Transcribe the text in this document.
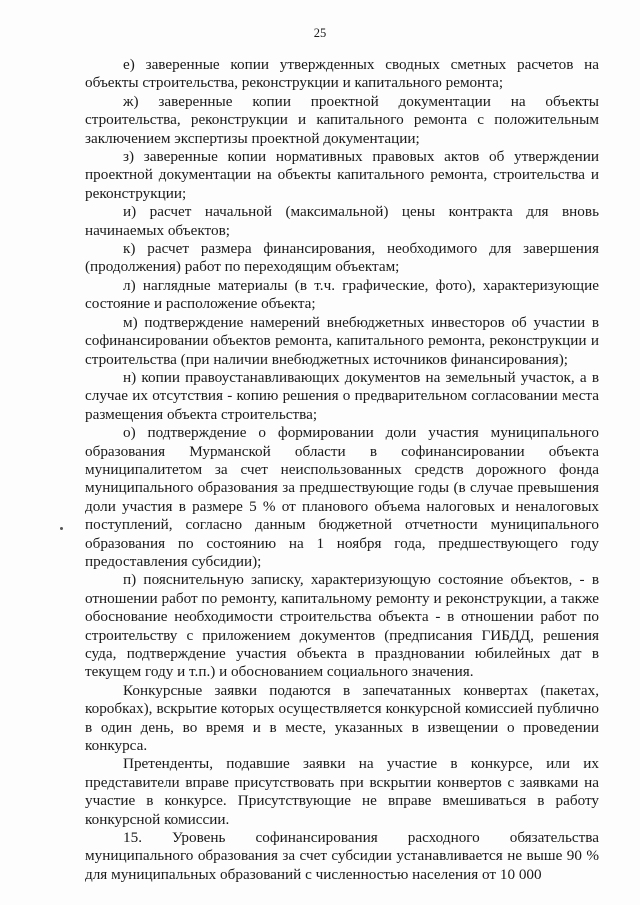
25

е) заверенные копии утвержденных сводных сметных расчетов на объекты строительства, реконструкции и капитального ремонта;

ж) заверенные копии проектной документации на объекты строительства, реконструкции и капитального ремонта с положительным заключением экспертизы проектной документации;

з) заверенные копии нормативных правовых актов об утверждении проектной документации на объекты капитального ремонта, строительства и реконструкции;

и) расчет начальной (максимальной) цены контракта для вновь начинаемых объектов;

к) расчет размера финансирования, необходимого для завершения (продолжения) работ по переходящим объектам;

л) наглядные материалы (в т.ч. графические, фото), характеризующие состояние и расположение объекта;

м) подтверждение намерений внебюджетных инвесторов об участии в софинансировании объектов ремонта, капитального ремонта, реконструкции и строительства (при наличии внебюджетных источников финансирования);

н) копии правоустанавливающих документов на земельный участок, а в случае их отсутствия - копию решения о предварительном согласовании места размещения объекта строительства;

о) подтверждение о формировании доли участия муниципального образования Мурманской области в софинансировании объекта муниципалитетом за счет неиспользованных средств дорожного фонда муниципального образования за предшествующие годы (в случае превышения доли участия в размере 5 % от планового объема налоговых и неналоговых поступлений, согласно данным бюджетной отчетности муниципального образования по состоянию на 1 ноября года, предшествующего году предоставления субсидии);

п) пояснительную записку, характеризующую состояние объектов, - в отношении работ по ремонту, капитальному ремонту и реконструкции, а также обоснование необходимости строительства объекта - в отношении работ по строительству с приложением документов (предписания ГИБДД, решения суда, подтверждение участия объекта в праздновании юбилейных дат в текущем году и т.п.) и обоснованием социального значения.

Конкурсные заявки подаются в запечатанных конвертах (пакетах, коробках), вскрытие которых осуществляется конкурсной комиссией публично в один день, во время и в месте, указанных в извещении о проведении конкурса.

Претенденты, подавшие заявки на участие в конкурсе, или их представители вправе присутствовать при вскрытии конвертов с заявками на участие в конкурсе. Присутствующие не вправе вмешиваться в работу конкурсной комиссии.

15. Уровень софинансирования расходного обязательства муниципального образования за счет субсидии устанавливается не выше 90 % для муниципальных образований с численностью населения от 10 000
